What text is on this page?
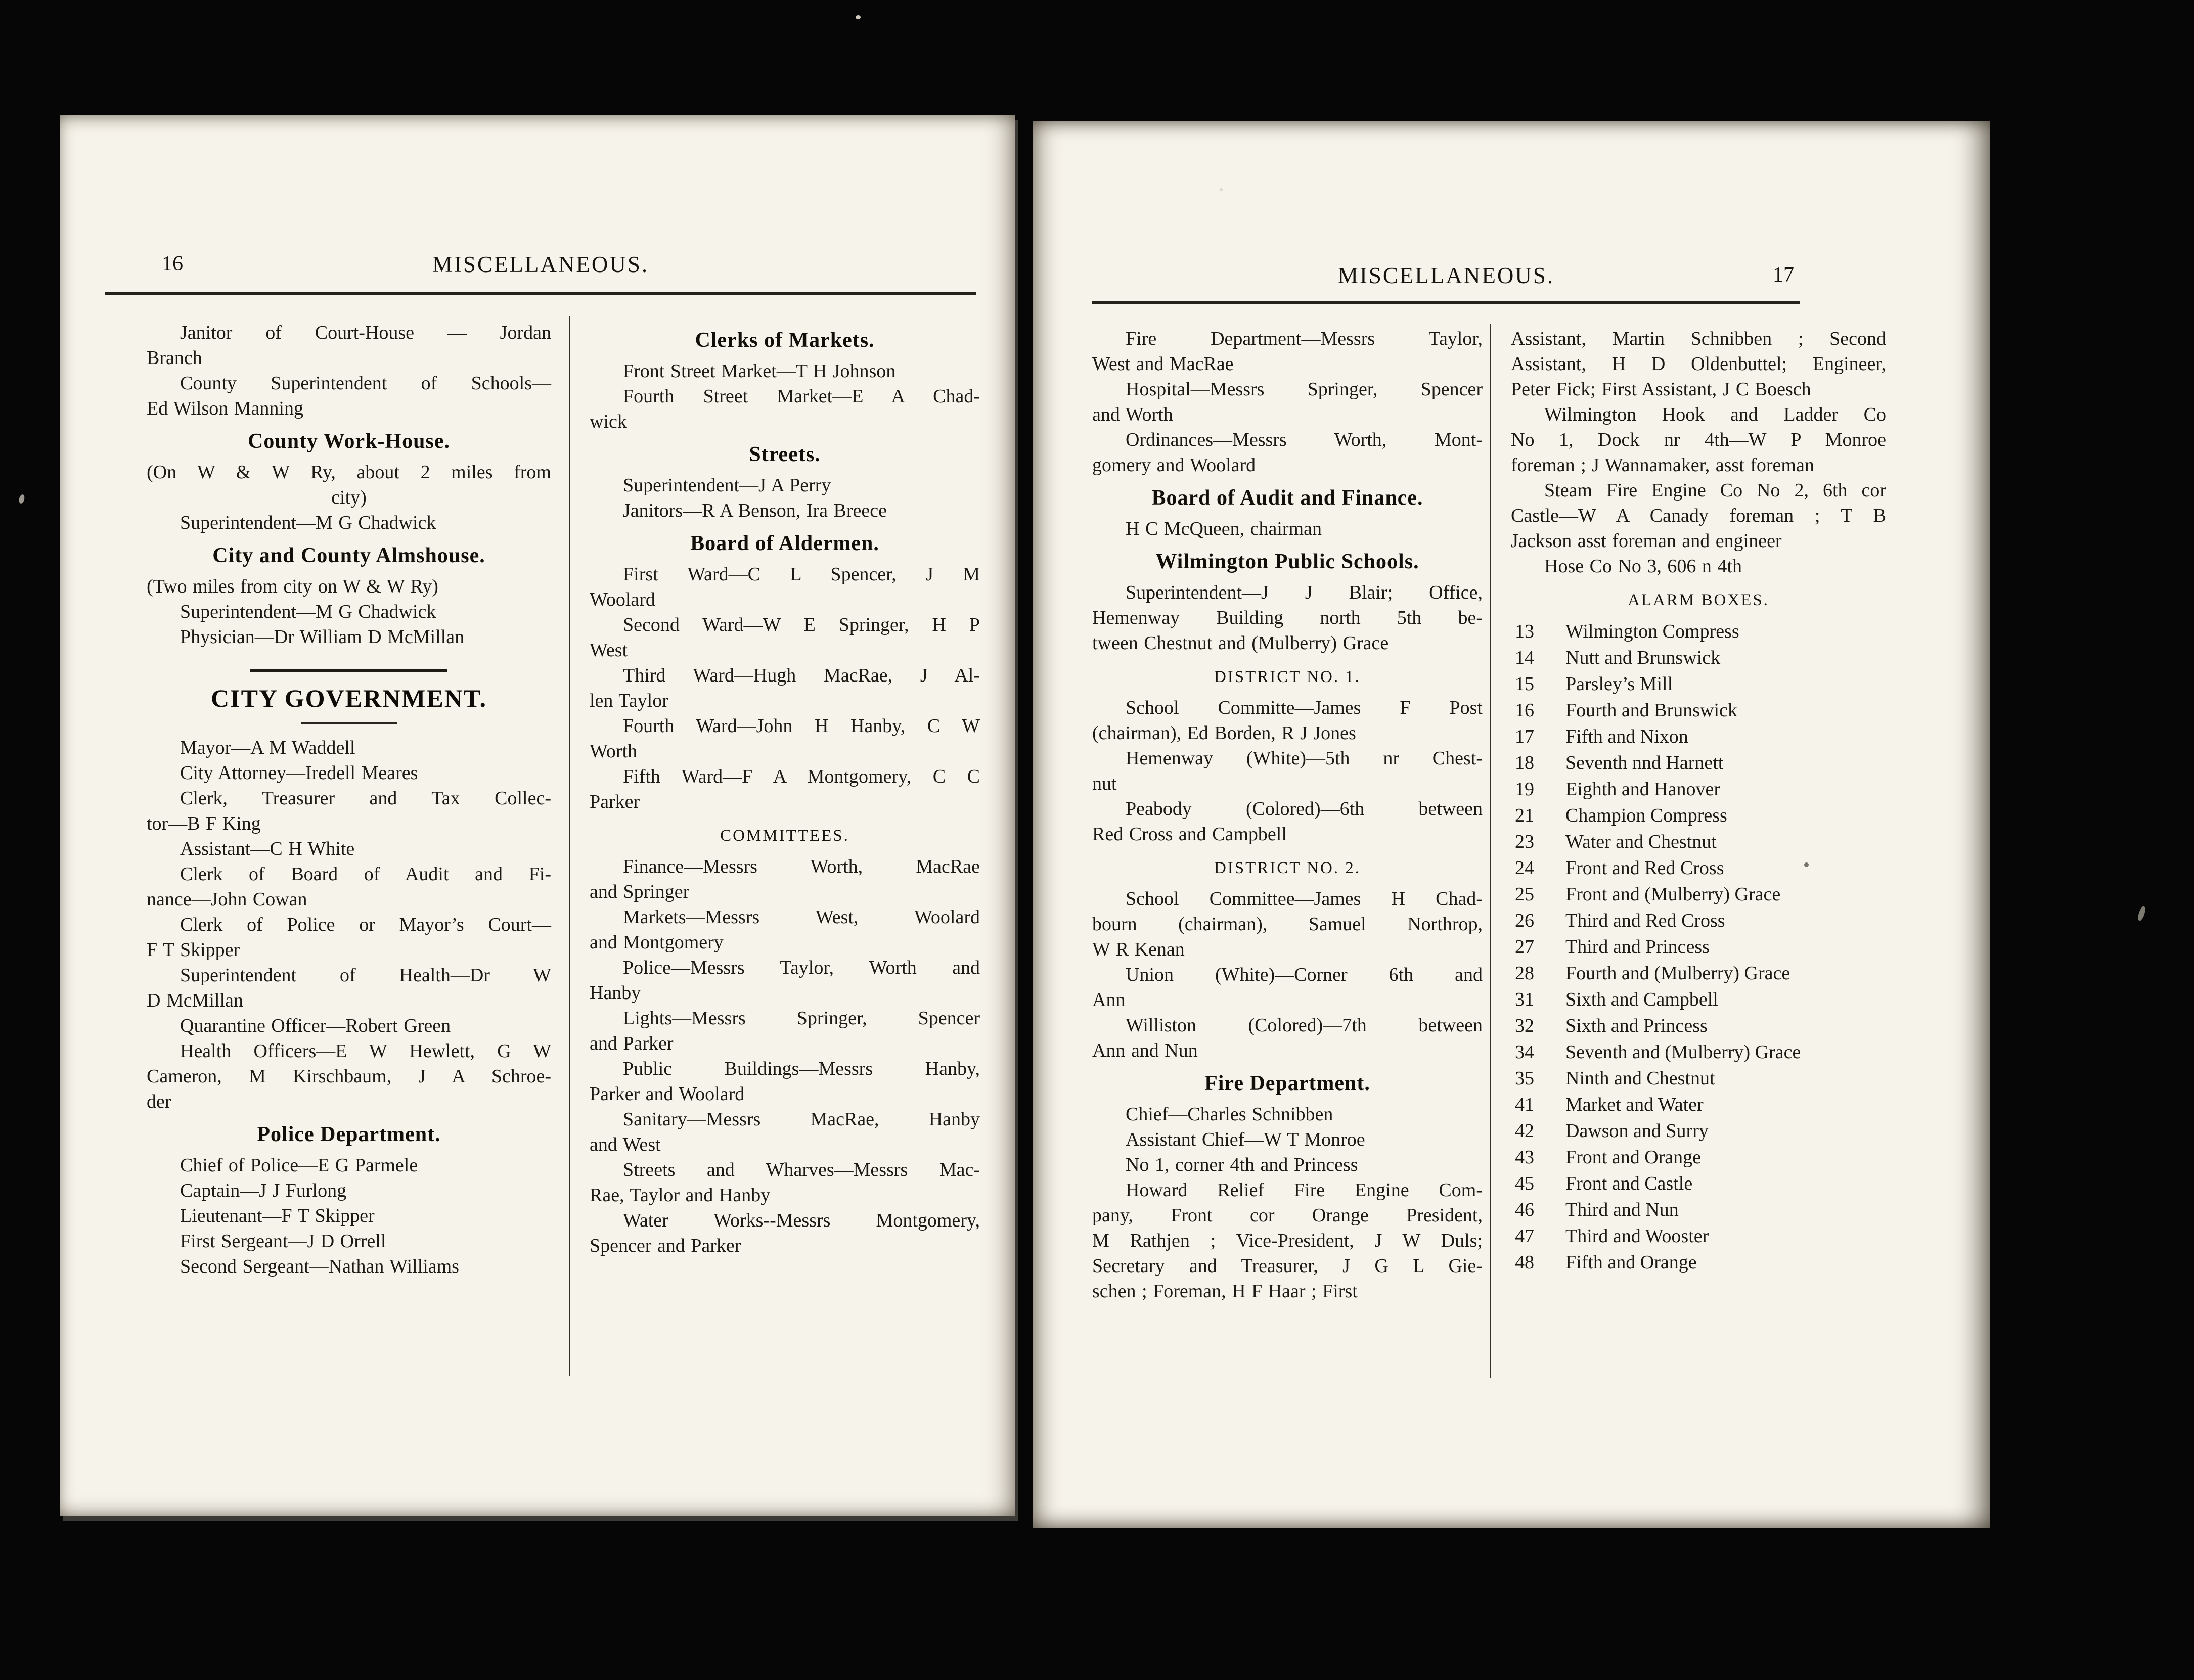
16	MISCELLANEOUS.
Janitor of Court-House — Jordan
Branch
County Superintendent of Schools—
Ed Wilson Manning
County Work-House.
(On W & W Ry, about 2 miles from
city)
Superintendent—M G Chadwick
City and County Almshouse.
(Two miles from city on W & W Ry)
Superintendent—M G Chadwick
Physician—Dr William D McMillan
CITY GOVERNMENT.
Mayor—A M Waddell
City Attorney—Iredell Meares
Clerk, Treasurer and Tax Collec-
tor—B F King
Assistant—C H White
Clerk of Board of Audit and Fi-
nance—John Cowan
Clerk of Police or Mayor’s Court—
F T Skipper
Superintendent of Health—Dr W
D McMillan
Quarantine Officer—Robert Green
Health Officers—E W Hewlett, G W
Cameron, M Kirschbaum, J A Schroe-
der
Police Department.
Chief of Police—E G Parmele
Captain—J J Furlong
Lieutenant—F T Skipper
First Sergeant—J D Orrell
Second Sergeant—Nathan Williams
Clerks of Markets.
Front Street Market—T H Johnson
Fourth Street Market—E A Chad-
wick
Streets.
Superintendent—J A Perry
Janitors—R A Benson, Ira Breece
Board of Aldermen.
First Ward—C L Spencer, J M
Woolard
Second Ward—W E Springer, H P
West
Third Ward—Hugh MacRae, J Al-
len Taylor
Fourth Ward—John H Hanby, C W
Worth
Fifth Ward—F A Montgomery, C C
Parker
COMMITTEES.
Finance—Messrs Worth, MacRae
and Springer
Markets—Messrs West, Woolard
and Montgomery
Police—Messrs Taylor, Worth and
Hanby
Lights—Messrs Springer, Spencer
and Parker
Public Buildings—Messrs Hanby,
Parker and Woolard
Sanitary—Messrs MacRae, Hanby
and West
Streets and Wharves—Messrs Mac-
Rae, Taylor and Hanby
Water Works--Messrs Montgomery,
Spencer and Parker
17
MISCELLANEOUS.
Fire Department—Messrs Taylor,
West and MacRae
Hospital—Messrs Springer, Spencer
and Worth
Ordinances—Messrs Worth, Mont-
gomery and Woolard
Board of Audit and Finance.
H C McQueen, chairman
Wilmington Public Schools.
Superintendent—J J Blair; Office,
Hemenway Building north 5th be-
tween Chestnut and (Mulberry) Grace
DISTRICT NO. 1.
School Committe—James F Post
(chairman), Ed Borden, R J Jones
Hemenway (White)—5th nr Chest-
nut
Peabody (Colored)—6th between
Red Cross and Campbell
DISTRICT NO. 2.
School Committee—James H Chad-
bourn (chairman), Samuel Northrop,
W R Kenan
Union (White)—Corner 6th and
Ann
Williston (Colored)—7th between
Ann and Nun
Fire Department.
Chief—Charles Schnibben
Assistant Chief—W T Monroe
No 1, corner 4th and Princess
Howard Relief Fire Engine Com-
pany, Front cor Orange President,
M Rathjen ; Vice-President, J W Duls;
Secretary and Treasurer, J G L Gie-
schen ; Foreman, H F Haar ; First
Assistant, Martin Schnibben ; Second
Assistant, H D Oldenbuttel; Engineer,
Peter Fick; First Assistant, J C Boesch
Wilmington Hook and Ladder Co
No 1, Dock nr 4th—W P Monroe
foreman ; J Wannamaker, asst foreman
Steam Fire Engine Co No 2, 6th cor
Castle—W A Canady foreman ; T B
Jackson asst foreman and engineer
Hose Co No 3, 606 n 4th
ALARM BOXES.
13	Wilmington Compress
14	Nutt and Brunswick
15	Parsley’s Mill
16	Fourth and Brunswick
17	Fifth and Nixon
18	Seventh nnd Harnett
19	Eighth and Hanover
21	Champion Compress
23	Water and Chestnut
24	Front and Red Cross
25	Front and (Mulberry) Grace
26	Third and Red Cross
27	Third and Princess
28	Fourth and (Mulberry) Grace
31	Sixth and Campbell
32	Sixth and Princess
34	Seventh and (Mulberry) Grace
35	Ninth and Chestnut
41	Market and Water
42	Dawson and Surry
43	Front and Orange
45	Front and Castle
46	Third and Nun
47	Third and Wooster
48	Fifth and Orange
